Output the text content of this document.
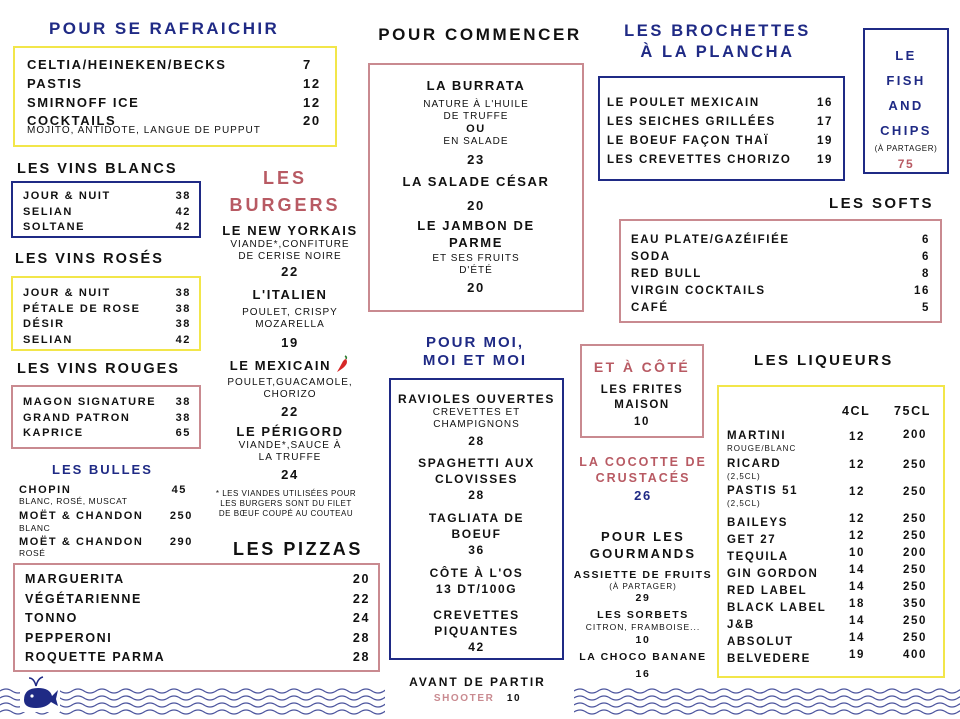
POUR SE RAFRAICHIR
CELTIA/HEINEKEN/BECKS	7
PASTIS	12
SMIRNOFF ICE	12
COCKTAILS	20
MOJITO, ANTIDOTE, LANGUE DE PUPPUT
LES VINS BLANCS
JOUR & NUIT	38
SELIAN	42
SOLTANE	42
LES VINS ROSÉS
JOUR & NUIT	38
PÉTALE DE ROSE	38
DÉSIR	38
SELIAN	42
LES VINS ROUGES
MAGON SIGNATURE 38
GRAND PATRON	38
KAPRICE	65
LES BULLES
CHOPIN	45
BLANC, ROSÉ, MUSCAT
MOËT & CHANDON 250
BLANC
MOËT & CHANDON 290
ROSÉ
LES
BURGERS
LE NEW YORKAIS
VIANDE*,CONFITURE
DE CERISE NOIRE
22
L'ITALIEN
POULET, CRISPY
MOZARELLA
19
LE MEXICAIN
POULET,GUACAMOLE,
CHORIZO
22
LE PÉRIGORD
VIANDE*,SAUCE À
LA TRUFFE
24
* LES VIANDES UTILISÉES POUR
LES BURGERS SONT DU FILET
DE BŒUF COUPÉ AU COUTEAU
LES PIZZAS
MARGUERITA	20
VÉGÉTARIENNE	22
TONNO	24
PEPPERONI	28
ROQUETTE PARMA	28
POUR COMMENCER
LA BURRATA
NATURE À L'HUILE
DE TRUFFE
OU
EN SALADE
23
LA SALADE CÉSAR
20
LE JAMBON DE
PARME
ET SES FRUITS
D'ÉTÉ
20
POUR MOI,
MOI ET MOI
RAVIOLES OUVERTES
CREVETTES ET
CHAMPIGNONS
28
SPAGHETTI AUX
CLOVISSES
28
TAGLIATA DE
BOEUF
36
CÔTE À L'OS
13 DT/100G
CREVETTES
PIQUANTES
42
AVANT DE PARTIR
SHOOTER 10
LES BROCHETTES
À LA PLANCHA
LE POULET MEXICAIN	16
LES SEICHES GRILLÉES	17
LE BOEUF FAÇON THAÏ	19
LES CREVETTES CHORIZO 19
LE
FISH
AND
CHIPS
(À PARTAGER)
75
LES SOFTS
EAU PLATE/GAZÉIFIÉE	6
SODA	6
RED BULL	8
VIRGIN COCKTAILS	16
CAFÉ	5
ET À CÔTÉ
LES FRITES
MAISON
10
LA COCOTTE DE
CRUSTACÉS
26
POUR LES
GOURMANDS
ASSIETTE DE FRUITS
(À PARTAGER)
29
LES SORBETS
CITRON, FRAMBOISE...
10
LA CHOCO BANANE
16
LES LIQUEURS
4CL 75CL
MARTINI
ROUGE/BLANC
12	200
RICARD
(2,5CL)
12	250
PASTIS 51
(2,5CL)
12	250
BAILEYS	12	250
GET 27	12	250
TEQUILA	10	200
GIN GORDON	14	250
RED LABEL	14	250
BLACK LABEL 18	350
J&B	14	250
ABSOLUT	14	250
BELVEDERE	19	400
